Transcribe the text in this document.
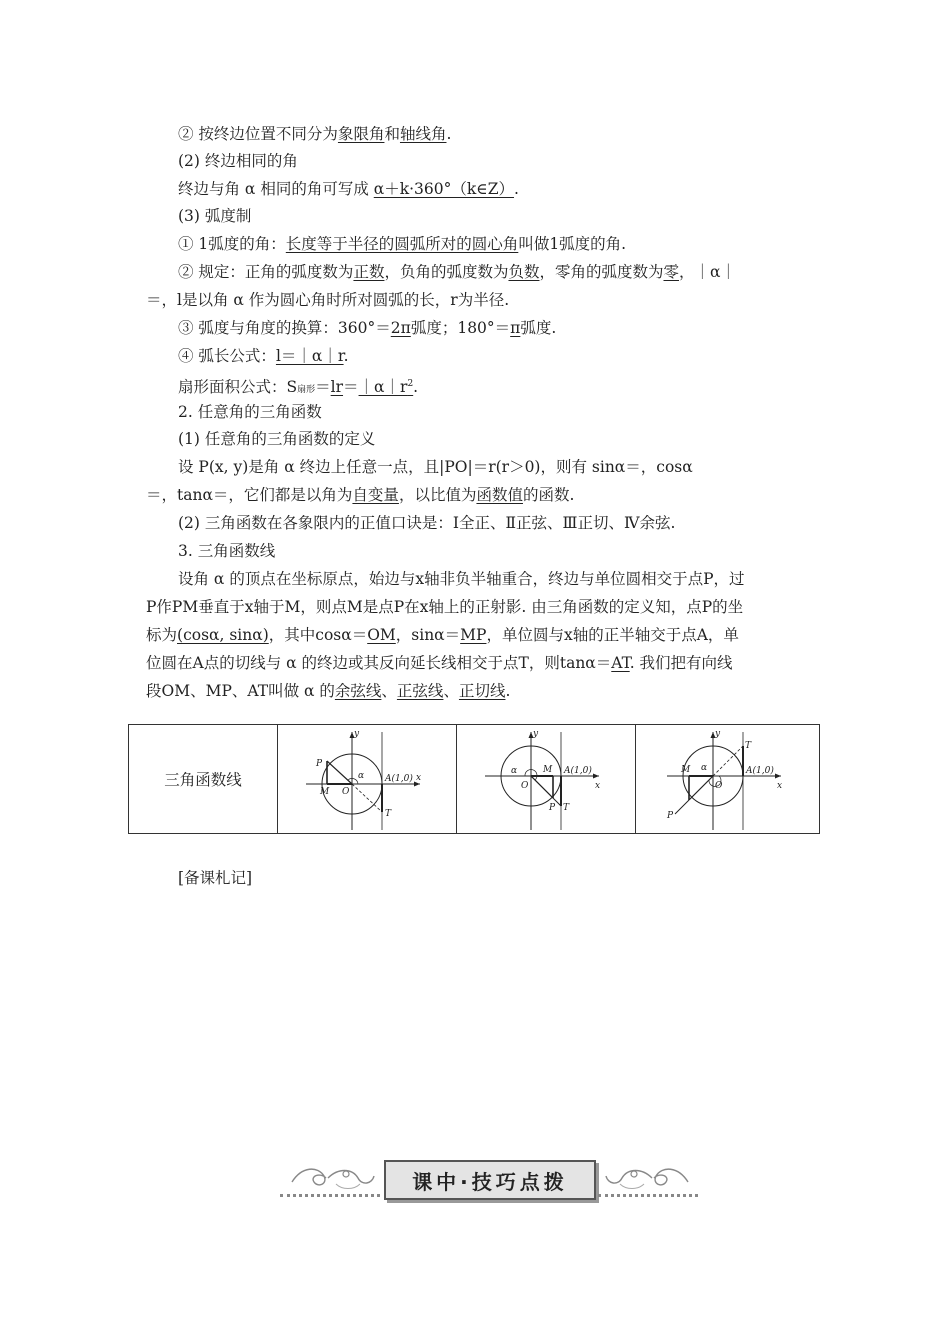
② 按终边位置不同分为象限角和轴线角.
(2) 终边相同的角
终边与角 α 相同的角可写成 α＋k·360°（k∈Z）.
(3) 弧度制
① 1弧度的角：长度等于半径的圆弧所对的圆心角叫做1弧度的角.
② 规定：正角的弧度数为正数，负角的弧度数为负数，零角的弧度数为零，｜α｜
＝，l是以角 α 作为圆心角时所对圆弧的长，r为半径.
③ 弧度与角度的换算：360°＝2π弧度；180°＝π弧度.
④ 弧长公式：l＝｜α｜r.
扇形面积公式：S扇形$=lr=|\alpha|r^2$.
2. 任意角的三角函数
(1) 任意角的三角函数的定义
设 P(x, y)是角 α 终边上任意一点，且|PO|＝r(r＞0)，则有 sinα＝，cosα
＝，tanα＝，它们都是以角为自变量，以比值为函数值的函数.
(2) 三角函数在各象限内的正值口诀是：Ⅰ全正、Ⅱ正弦、Ⅲ正切、Ⅳ余弦.
3. 三角函数线
设角 α 的顶点在坐标原点，始边与x轴非负半轴重合，终边与单位圆相交于点P，过
P作PM垂直于x轴于M，则点M是点P在x轴上的正射影. 由三角函数的定义知，点P的坐
标为(cosα, sinα)，其中cosα＝OM，sinα＝MP，单位圆与x轴的正半轴交于点A，单
位圆在A点的切线与 α 的终边或其反向延长线相交于点T，则tanα＝AT. 我们把有向线
段OM、MP、AT叫做 α 的余弦线、正弦线、正切线.
三角函数线	
y
x
P
M O
A(1,0)
T
α

y
x
α
O
M A(1,0)
P T

y
x
T
α
M
O
A(1,0)
P
[备课札记]
课中·技巧点拨
